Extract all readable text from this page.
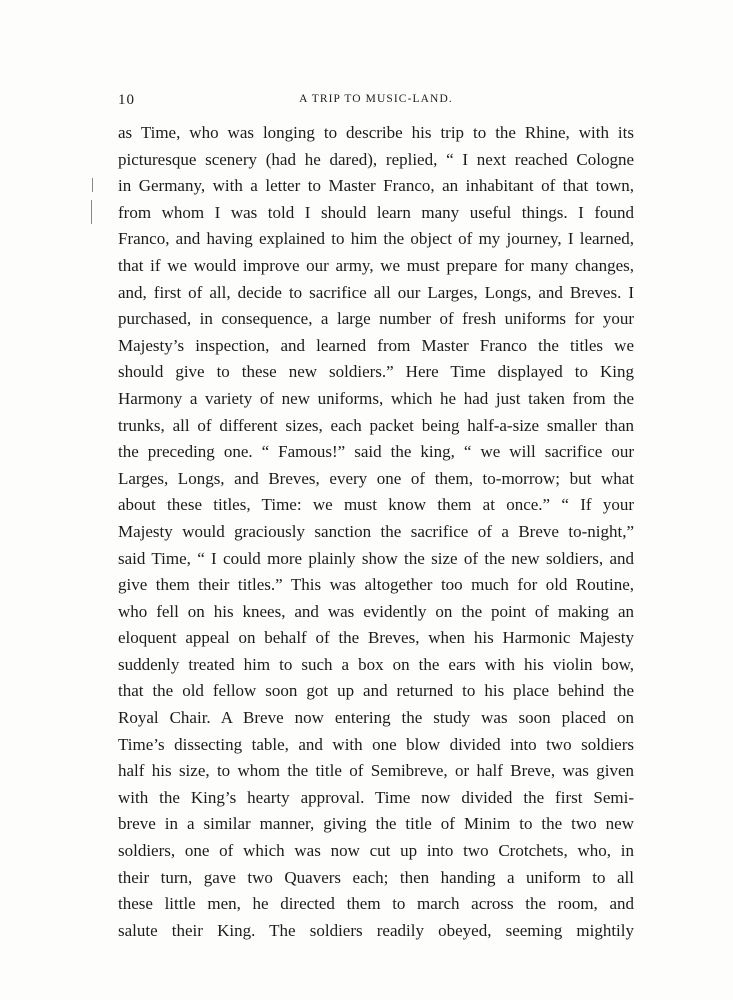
10	A TRIP TO MUSIC-LAND.
as Time, who was longing to describe his trip to the Rhine, with its
picturesque scenery (had he dared), replied, “ I next reached Cologne
in Germany, with a letter to Master Franco, an inhabitant of that town,
from whom I was told I should learn many useful things. I found
Franco, and having explained to him the object of my journey, I learned,
that if we would improve our army, we must prepare for many changes,
and, first of all, decide to sacrifice all our Larges, Longs, and Breves. I
purchased, in consequence, a large number of fresh uniforms for your
Majesty’s inspection, and learned from Master Franco the titles we
should give to these new soldiers.” Here Time displayed to King
Harmony a variety of new uniforms, which he had just taken from the
trunks, all of different sizes, each packet being half-a-size smaller than
the preceding one. “ Famous!” said the king, “ we will sacrifice our
Larges, Longs, and Breves, every one of them, to-morrow; but what
about these titles, Time: we must know them at once.” “ If your
Majesty would graciously sanction the sacrifice of a Breve to-night,”
said Time, “ I could more plainly show the size of the new soldiers, and
give them their titles.” This was altogether too much for old Routine,
who fell on his knees, and was evidently on the point of making an
eloquent appeal on behalf of the Breves, when his Harmonic Majesty
suddenly treated him to such a box on the ears with his violin bow,
that the old fellow soon got up and returned to his place behind the
Royal Chair. A Breve now entering the study was soon placed on
Time’s dissecting table, and with one blow divided into two soldiers
half his size, to whom the title of Semibreve, or half Breve, was given
with the King’s hearty approval. Time now divided the first Semi-
breve in a similar manner, giving the title of Minim to the two new
soldiers, one of which was now cut up into two Crotchets, who, in
their turn, gave two Quavers each; then handing a uniform to all
these little men, he directed them to march across the room, and
salute their King. The soldiers readily obeyed, seeming mightily
